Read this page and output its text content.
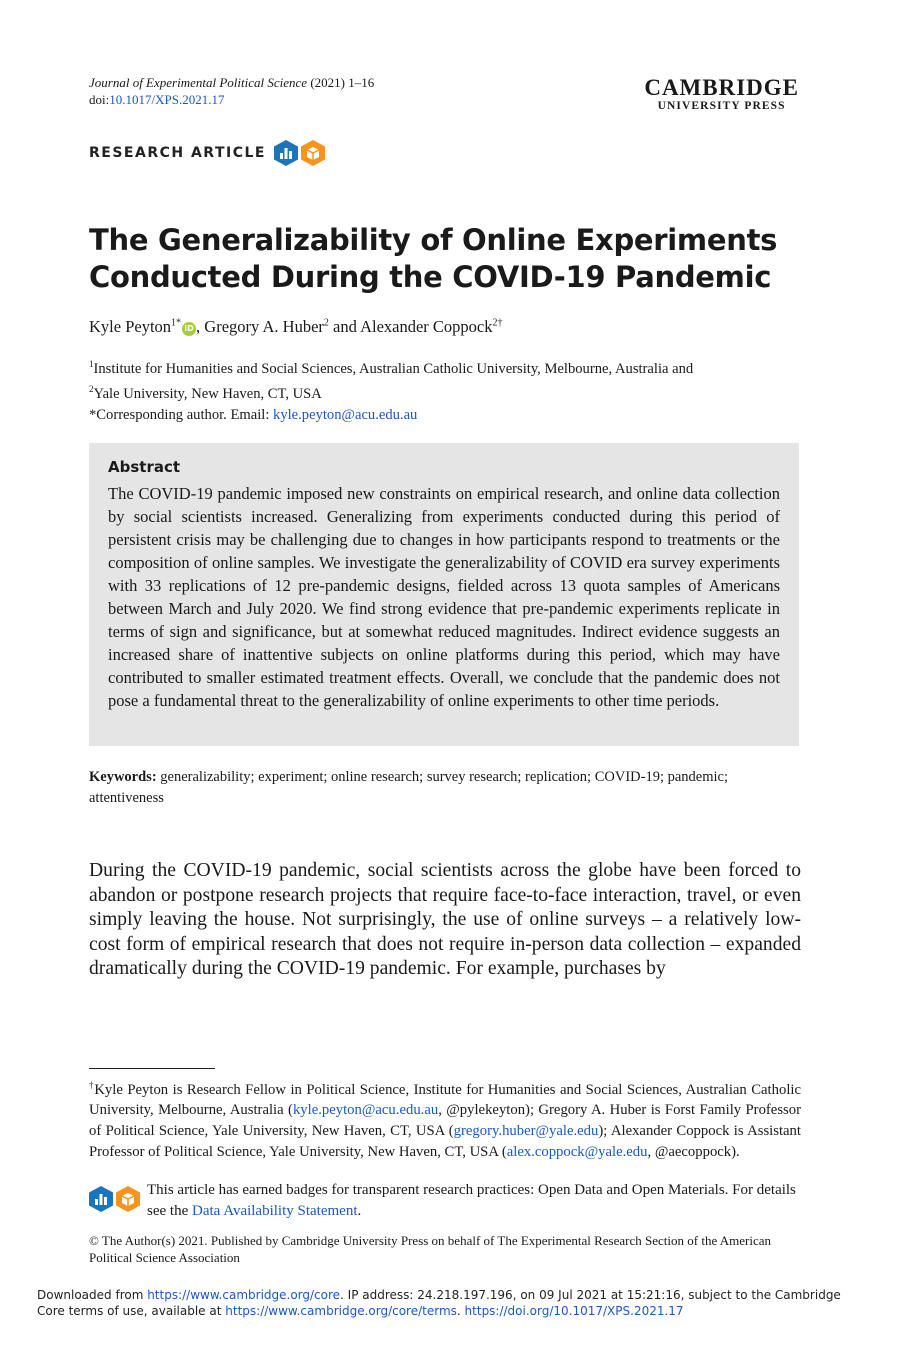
Journal of Experimental Political Science (2021) 1–16
doi:10.1017/XPS.2021.17	CAMBRIDGE
UNIVERSITY PRESS
RESEARCH ARTICLE
The Generalizability of Online Experiments
Conducted During the COVID-19 Pandemic
Kyle Peyton$^{1*}$ iD , Gregory A. Huber$^2$ and Alexander Coppock$^{2\dagger}$
$^1$Institute for Humanities and Social Sciences, Australian Catholic University, Melbourne, Australia and
$^2$Yale University, New Haven, CT, USA
*Corresponding author. Email: kyle.peyton@acu.edu.au
Abstract
The COVID-19 pandemic imposed new constraints on empirical research, and online data collection by social scientists increased. Generalizing from experiments conducted during this period of persistent crisis may be challenging due to changes in how participants respond to treatments or the composition of online samples. We investigate the generalizability of COVID era survey experiments with 33 replications of 12 pre-pandemic designs, fielded across 13 quota samples of Americans between March and July 2020. We find strong evidence that pre-pandemic experiments replicate in terms of sign and significance, but at somewhat reduced magnitudes. Indirect evidence suggests an increased share of inattentive subjects on online platforms during this period, which may have contributed to smaller estimated treatment effects. Overall, we conclude that the pandemic does not pose a fundamental threat to the generalizability of online experiments to other time periods.
Keywords: generalizability; experiment; online research; survey research; replication; COVID-19; pandemic; attentiveness
During the COVID-19 pandemic, social scientists across the globe have been forced to abandon or postpone research projects that require face-to-face interaction, travel, or even simply leaving the house. Not surprisingly, the use of online surveys – a relatively low-cost form of empirical research that does not require in-person data collection – expanded dramatically during the COVID-19 pandemic. For example, purchases by
†Kyle Peyton is Research Fellow in Political Science, Institute for Humanities and Social Sciences, Australian Catholic University, Melbourne, Australia (kyle.peyton@acu.edu.au, @pylekeyton); Gregory A. Huber is Forst Family Professor of Political Science, Yale University, New Haven, CT, USA (gregory.huber@yale.edu); Alexander Coppock is Assistant Professor of Political Science, Yale University, New Haven, CT, USA (alex.coppock@yale.edu, @aecoppock).
This article has earned badges for transparent research practices: Open Data and Open Materials. For details see the Data Availability Statement.
© The Author(s) 2021. Published by Cambridge University Press on behalf of The Experimental Research Section of the American Political Science Association
Downloaded from https://www.cambridge.org/core. IP address: 24.218.197.196, on 09 Jul 2021 at 15:21:16, subject to the Cambridge Core terms of use, available at https://www.cambridge.org/core/terms. https://doi.org/10.1017/XPS.2021.17
